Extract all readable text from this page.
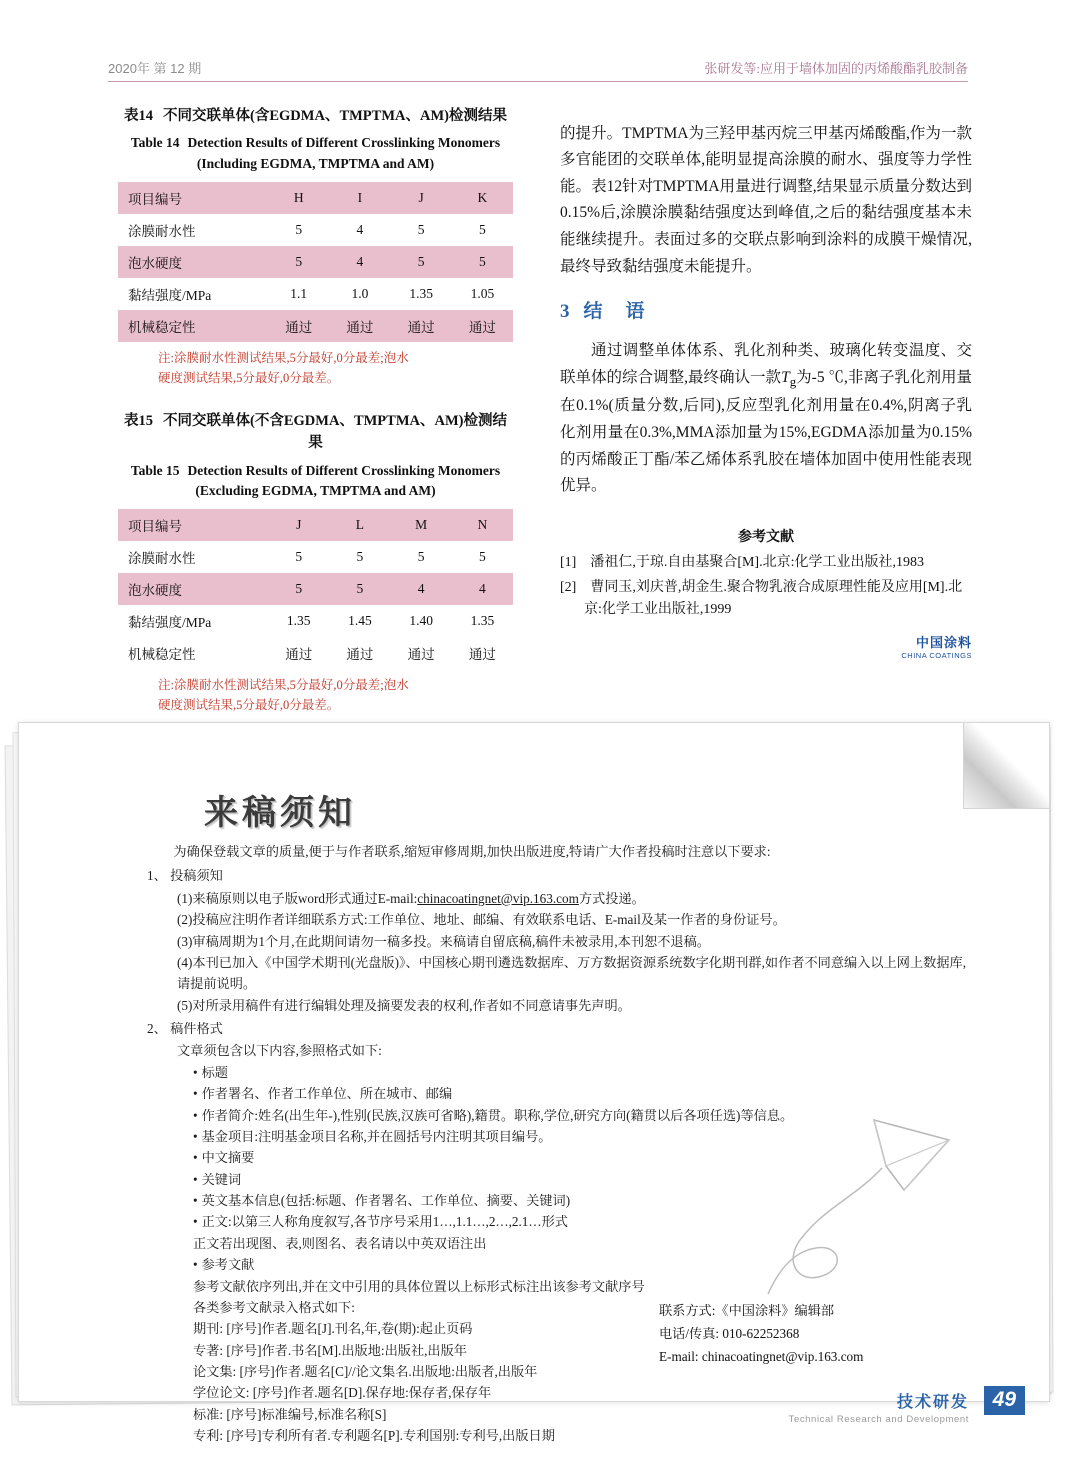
2020年 第 12 期	张研发等:应用于墙体加固的丙烯酸酯乳胶制备
表14 不同交联单体(含EGDMA、TMPTMA、AM)检测结果
Table 14 Detection Results of Different Crosslinking Monomers (Including EGDMA, TMPTMA and AM)
项目编号	H	I	J	K
涂膜耐水性	5	4	5	5
泡水硬度	5	4	5	5
黏结强度/MPa	1.1	1.0	1.35	1.05
机械稳定性	通过	通过	通过	通过
注:涂膜耐水性测试结果,5分最好,0分最差;泡水
硬度测试结果,5分最好,0分最差。
表15 不同交联单体(不含EGDMA、TMPTMA、AM)检测结果
Table 15 Detection Results of Different Crosslinking Monomers (Excluding EGDMA, TMPTMA and AM)
项目编号	J	L	M	N
涂膜耐水性	5	5	5	5
泡水硬度	5	5	4	4
黏结强度/MPa	1.35	1.45	1.40	1.35
机械稳定性	通过	通过	通过	通过
注:涂膜耐水性测试结果,5分最好,0分最差;泡水
硬度测试结果,5分最好,0分最差。

的提升。TMPTMA为三羟甲基丙烷三甲基丙烯酸酯,作为一款多官能团的交联单体,能明显提高涂膜的耐水、强度等力学性能。表12针对TMPTMA用量进行调整,结果显示质量分数达到0.15%后,涂膜涂膜黏结强度达到峰值,之后的黏结强度基本未能继续提升。表面过多的交联点影响到涂料的成膜干燥情况,最终导致黏结强度未能提升。

3 结　语

通过调整单体体系、乳化剂种类、玻璃化转变温度、交联单体的综合调整,最终确认一款$T_g$为-5 ℃,非离子乳化剂用量在0.1%(质量分数,后同),反应型乳化剂用量在0.4%,阴离子乳化剂用量在0.3%,MMA添加量为15%,EGDMA添加量为0.15%的丙烯酸正丁酯/苯乙烯体系乳胶在墙体加固中使用性能表现优异。

参考文献
[1]　潘祖仁,于琼.自由基聚合[M].北京:化学工业出版社,1983
[2]　曹同玉,刘庆普,胡金生.聚合物乳液合成原理性能及应用[M].北京:化学工业出版社,1999
中国涂料
CHINA COATINGS
来稿须知
为确保登载文章的质量,便于与作者联系,缩短审修周期,加快出版进度,特请广大作者投稿时注意以下要求:
1、 投稿须知
(1)来稿原则以电子版word形式通过E-mail:chinacoatingnet@vip.163.com方式投递。
(2)投稿应注明作者详细联系方式:工作单位、地址、邮编、有效联系电话、E-mail及某一作者的身份证号。
(3)审稿周期为1个月,在此期间请勿一稿多投。来稿请自留底稿,稿件未被录用,本刊恕不退稿。
(4)本刊已加入《中国学术期刊(光盘版)》、中国核心期刊遴选数据库、万方数据资源系统数字化期刊群,如作者不同意编入以上网上数据库,请提前说明。
(5)对所录用稿件有进行编辑处理及摘要发表的权利,作者如不同意请事先声明。
2、 稿件格式
文章须包含以下内容,参照格式如下:
• 标题
• 作者署名、作者工作单位、所在城市、邮编
• 作者简介:姓名(出生年-),性别(民族,汉族可省略),籍贯。职称,学位,研究方向(籍贯以后各项任选)等信息。
• 基金项目:注明基金项目名称,并在圆括号内注明其项目编号。
• 中文摘要
• 关键词
• 英文基本信息(包括:标题、作者署名、工作单位、摘要、关键词)
• 正文:以第三人称角度叙写,各节序号采用1…,1.1…,2…,2.1…形式
正文若出现图、表,则图名、表名请以中英双语注出
• 参考文献
参考文献依序列出,并在文中引用的具体位置以上标形式标注出该参考文献序号
各类参考文献录入格式如下:
期刊: [序号]作者.题名[J].刊名,年,卷(期):起止页码
专著: [序号]作者.书名[M].出版地:出版社,出版年
论文集: [序号]作者.题名[C]//论文集名.出版地:出版者,出版年
学位论文: [序号]作者.题名[D].保存地:保存者,保存年
标准: [序号]标准编号,标准名称[S]
专利: [序号]专利所有者.专利题名[P].专利国别:专利号,出版日期
联系方式:《中国涂料》编辑部
电话/传真: 010-62252368
E-mail: chinacoatingnet@vip.163.com
技术研发
Technical Research and Development
49
